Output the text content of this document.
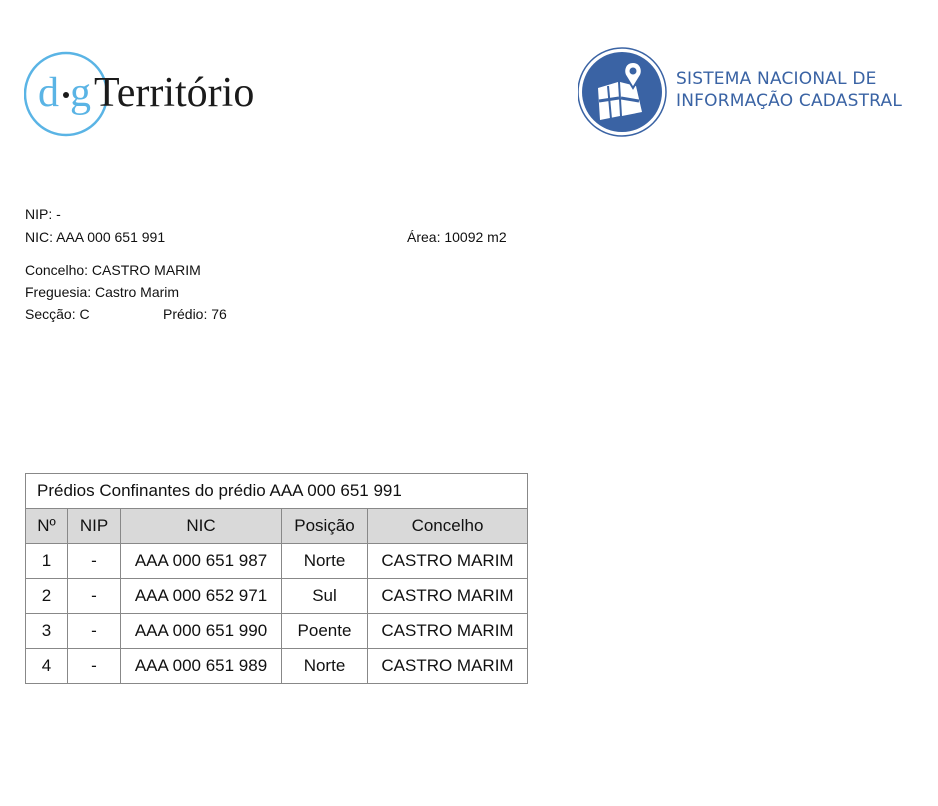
d g Território	SISTEMA NACIONAL DE
INFORMAÇÃO CADASTRAL
NIP: -
NIC: AAA 000 651 991	Área: 10092 m2
Concelho: CASTRO MARIM
Freguesia: Castro Marim
Secção: C	Prédio: 76
Prédios Confinantes do prédio AAA 000 651 991				
Nº	NIP	NIC	Posição	Concelho
1	-	AAA 000 651 987	Norte	CASTRO MARIM
2	-	AAA 000 652 971	Sul	CASTRO MARIM
3	-	AAA 000 651 990	Poente	CASTRO MARIM
4	-	AAA 000 651 989	Norte	CASTRO MARIM
